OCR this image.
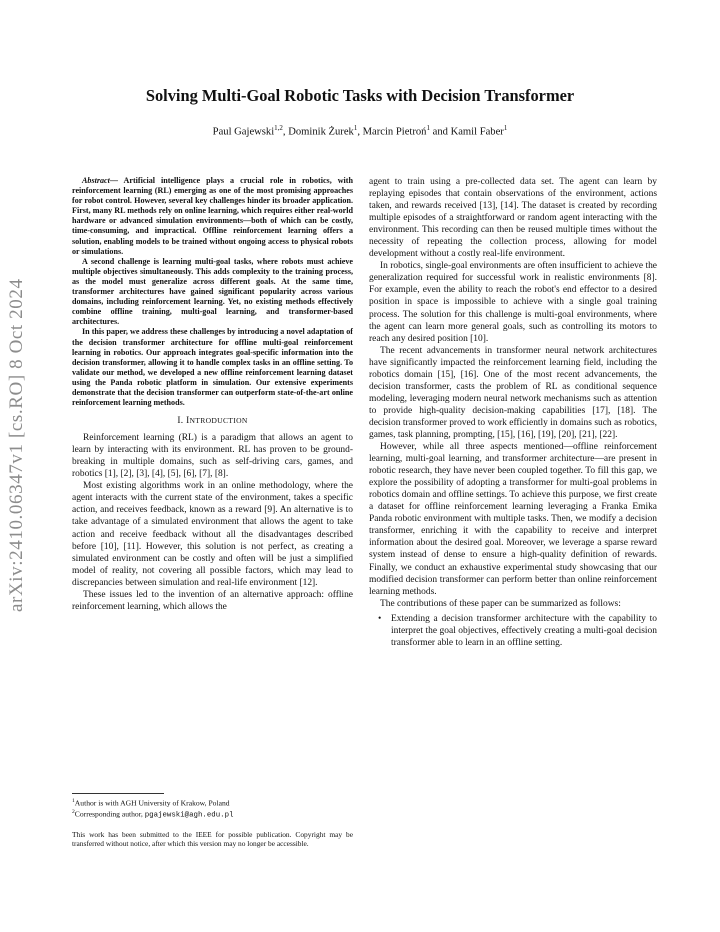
arXiv:2410.06347v1 [cs.RO] 8 Oct 2024
Solving Multi-Goal Robotic Tasks with Decision Transformer
Paul Gajewski$^{1,2}$, Dominik Żurek$^1$, Marcin Pietroń$^1$ and Kamil Faber$^1$

Abstract— Artificial intelligence plays a crucial role in robotics, with reinforcement learning (RL) emerging as one of the most promising approaches for robot control. However, several key challenges hinder its broader application. First, many RL methods rely on online learning, which requires either real-world hardware or advanced simulation environments—both of which can be costly, time-consuming, and impractical. Offline reinforcement learning offers a solution, enabling models to be trained without ongoing access to physical robots or simulations.

A second challenge is learning multi-goal tasks, where robots must achieve multiple objectives simultaneously. This adds complexity to the training process, as the model must generalize across different goals. At the same time, transformer architectures have gained significant popularity across various domains, including reinforcement learning. Yet, no existing methods effectively combine offline training, multi-goal learning, and transformer-based architectures.

In this paper, we address these challenges by introducing a novel adaptation of the decision transformer architecture for offline multi-goal reinforcement learning in robotics. Our approach integrates goal-specific information into the decision transformer, allowing it to handle complex tasks in an offline setting. To validate our method, we developed a new offline reinforcement learning dataset using the Panda robotic platform in simulation. Our extensive experiments demonstrate that the decision transformer can outperform state-of-the-art online reinforcement learning methods.

I. INTRODUCTION

Reinforcement learning (RL) is a paradigm that allows an agent to learn by interacting with its environment. RL has proven to be ground-breaking in multiple domains, such as self-driving cars, games, and robotics [1], [2], [3], [4], [5], [6], [7], [8].

Most existing algorithms work in an online methodology, where the agent interacts with the current state of the environment, takes a specific action, and receives feedback, known as a reward [9]. An alternative is to take advantage of a simulated environment that allows the agent to take action and receive feedback without all the disadvantages described before [10], [11]. However, this solution is not perfect, as creating a simulated environment can be costly and often will be just a simplified model of reality, not covering all possible factors, which may lead to discrepancies between simulation and real-life environment [12].

These issues led to the invention of an alternative approach: offline reinforcement learning, which allows the

$^1$Author is with AGH University of Krakow, Poland
$^2$Corresponding author, pgajewski@agh.edu.pl
This work has been submitted to the IEEE for possible publication. Copyright may be transferred without notice, after which this version may no longer be accessible.

agent to train using a pre-collected data set. The agent can learn by replaying episodes that contain observations of the environment, actions taken, and rewards received [13], [14]. The dataset is created by recording multiple episodes of a straightforward or random agent interacting with the environment. This recording can then be reused multiple times without the necessity of repeating the collection process, allowing for model development without a costly real-life environment.

In robotics, single-goal environments are often insufficient to achieve the generalization required for successful work in realistic environments [8]. For example, even the ability to reach the robot's end effector to a desired position in space is impossible to achieve with a single goal training process. The solution for this challenge is multi-goal environments, where the agent can learn more general goals, such as controlling its motors to reach any desired position [10].

The recent advancements in transformer neural network architectures have significantly impacted the reinforcement learning field, including the robotics domain [15], [16]. One of the most recent advancements, the decision transformer, casts the problem of RL as conditional sequence modeling, leveraging modern neural network mechanisms such as attention to provide high-quality decision-making capabilities [17], [18]. The decision transformer proved to work efficiently in domains such as robotics, games, task planning, prompting, [15], [16], [19], [20], [21], [22].

However, while all three aspects mentioned—offline reinforcement learning, multi-goal learning, and transformer architecture—are present in robotic research, they have never been coupled together. To fill this gap, we explore the possibility of adopting a transformer for multi-goal problems in robotics domain and offline settings. To achieve this purpose, we first create a dataset for offline reinforcement learning leveraging a Franka Emika Panda robotic environment with multiple tasks. Then, we modify a decision transformer, enriching it with the capability to receive and interpret information about the desired goal. Moreover, we leverage a sparse reward system instead of dense to ensure a high-quality definition of rewards. Finally, we conduct an exhaustive experimental study showcasing that our modified decision transformer can perform better than online reinforcement learning methods.

The contributions of these paper can be summarized as follows:

• Extending a decision transformer architecture with the capability to interpret the goal objectives, effectively creating a multi-goal decision transformer able to learn in an offline setting.
